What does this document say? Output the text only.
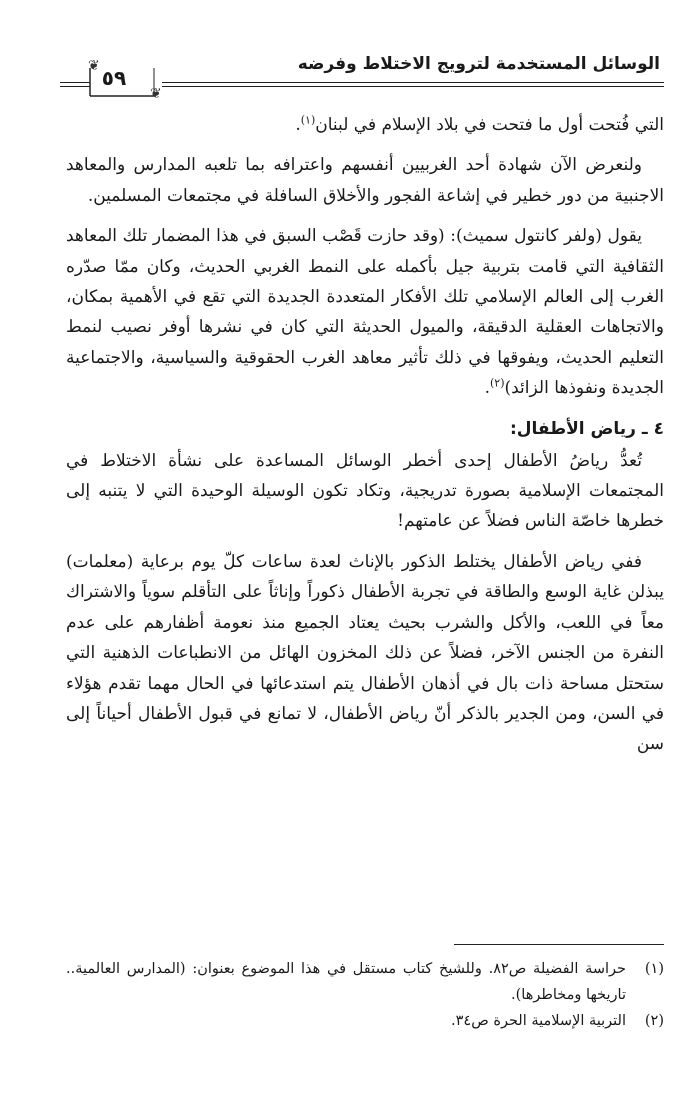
الوسائل المستخدمة لترويج الاختلاط وفرضه
٥٩
❦
❦

التي فُتحت أول ما فتحت في بلاد الإسلام في لبنان$^{(١)}$.

ولنعرض الآن شهادة أحد الغربيين أنفسهم واعترافه بما تلعبه المدارس والمعاهد الاجنبية من دور خطير في إشاعة الفجور والأخلاق السافلة في مجتمعات المسلمين.

يقول (ولفر كانتول سميث): (وقد حازت قَصْب السبق في هذا المضمار تلك المعاهد الثقافية التي قامت بتربية جيل بأكمله على النمط الغربي الحديث، وكان ممّا صدّره الغرب إلى العالم الإسلامي تلك الأفكار المتعددة الجديدة التي تقع في الأهمية بمكان، والاتجاهات العقلية الدقيقة، والميول الحديثة التي كان في نشرها أوفر نصيب لنمط التعليم الحديث، ويفوقها في ذلك تأثير معاهد الغرب الحقوقية والسياسية، والاجتماعية الجديدة ونفوذها الزائد)$^{(٢)}$.

٤ ـ رياض الأطفال:

تُعدُّ رياضُ الأطفال إحدى أخطر الوسائل المساعدة على نشأة الاختلاط في المجتمعات الإسلامية بصورة تدريجية، وتكاد تكون الوسيلة الوحيدة التي لا يتنبه إلى خطرها خاصّة الناس فضلاً عن عامتهم!

ففي رياض الأطفال يختلط الذكور بالإناث لعدة ساعات كلّ يوم برعاية (معلمات) يبذلن غاية الوسع والطاقة في تجربة الأطفال ذكوراً وإناثاً على التأقلم سوياً والاشتراك معاً في اللعب، والأكل والشرب بحيث يعتاد الجميع منذ نعومة أظفارهم على عدم النفرة من الجنس الآخر، فضلاً عن ذلك المخزون الهائل من الانطباعات الذهنية التي ستحتل مساحة ذات بال في أذهان الأطفال يتم استدعائها في الحال مهما تقدم هؤلاء في السن، ومن الجدير بالذكر أنّ رياض الأطفال، لا تمانع في قبول الأطفال أحياناً إلى سن

(١)
حراسة الفضيلة ص٨٢. وللشيخ كتاب مستقل في هذا الموضوع بعنوان: (المدارس العالمية.. تاريخها ومخاطرها).

(٢)
التربية الإسلامية الحرة ص٣٤.
